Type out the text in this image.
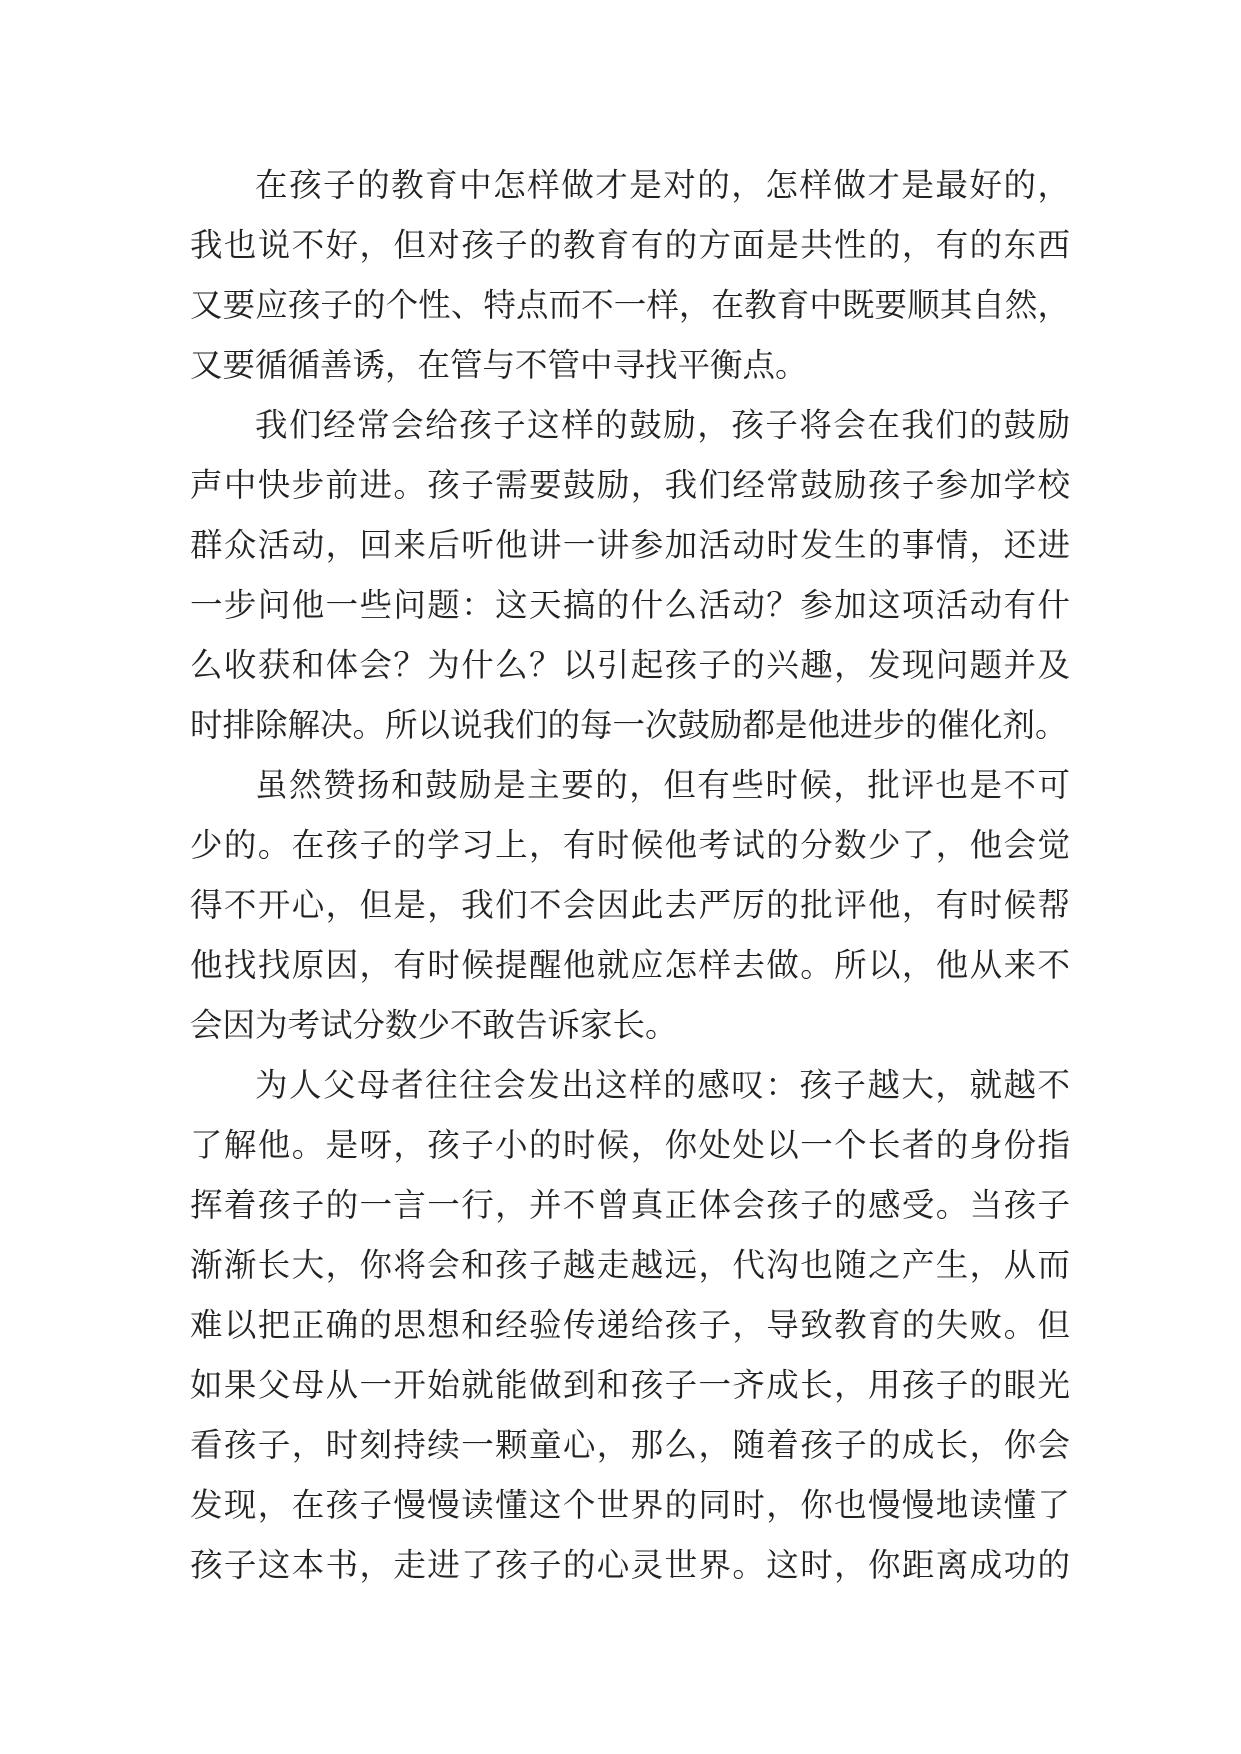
在孩子的教育中怎样做才是对的，怎样做才是最好的，
我也说不好，但对孩子的教育有的方面是共性的，有的东西
又要应孩子的个性、特点而不一样，在教育中既要顺其自然，
又要循循善诱，在管与不管中寻找平衡点。
我们经常会给孩子这样的鼓励，孩子将会在我们的鼓励
声中快步前进。孩子需要鼓励，我们经常鼓励孩子参加学校
群众活动，回来后听他讲一讲参加活动时发生的事情，还进
一步问他一些问题：这天搞的什么活动？参加这项活动有什
么收获和体会？为什么？以引起孩子的兴趣，发现问题并及
时排除解决。所以说我们的每一次鼓励都是他进步的催化剂。
虽然赞扬和鼓励是主要的，但有些时候，批评也是不可
少的。在孩子的学习上，有时候他考试的分数少了，他会觉
得不开心，但是，我们不会因此去严厉的批评他，有时候帮
他找找原因，有时候提醒他就应怎样去做。所以，他从来不
会因为考试分数少不敢告诉家长。
为人父母者往往会发出这样的感叹：孩子越大，就越不
了解他。是呀，孩子小的时候，你处处以一个长者的身份指
挥着孩子的一言一行，并不曾真正体会孩子的感受。当孩子
渐渐长大，你将会和孩子越走越远，代沟也随之产生，从而
难以把正确的思想和经验传递给孩子，导致教育的失败。但
如果父母从一开始就能做到和孩子一齐成长，用孩子的眼光
看孩子，时刻持续一颗童心，那么，随着孩子的成长，你会
发现，在孩子慢慢读懂这个世界的同时，你也慢慢地读懂了
孩子这本书，走进了孩子的心灵世界。这时，你距离成功的
